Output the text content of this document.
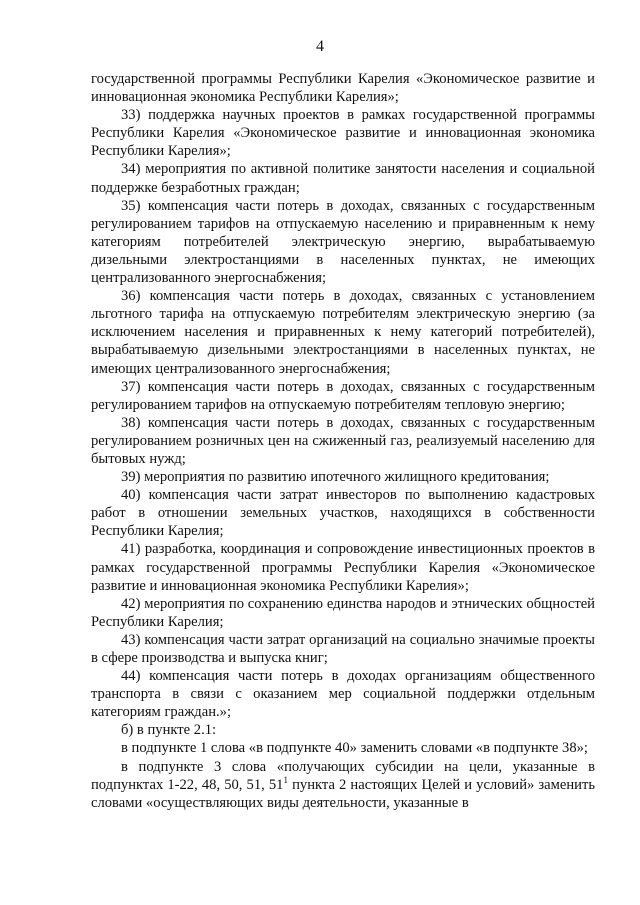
4

государственной программы Республики Карелия «Экономическое развитие и инновационная экономика Республики Карелия»;

33) поддержка научных проектов в рамках государственной программы Республики Карелия «Экономическое развитие и инновационная экономика Республики Карелия»;

34) мероприятия по активной политике занятости населения и социальной поддержке безработных граждан;

35) компенсация части потерь в доходах, связанных с государственным регулированием тарифов на отпускаемую населению и приравненным к нему категориям потребителей электрическую энергию, вырабатываемую дизельными электростанциями в населенных пунктах, не имеющих централизованного энергоснабжения;

36) компенсация части потерь в доходах, связанных с установлением льготного тарифа на отпускаемую потребителям электрическую энергию (за исключением населения и приравненных к нему категорий потребителей), вырабатываемую дизельными электростанциями в населенных пунктах, не имеющих централизованного энергоснабжения;

37) компенсация части потерь в доходах, связанных с государственным регулированием тарифов на отпускаемую потребителям тепловую энергию;

38) компенсация части потерь в доходах, связанных с государственным регулированием розничных цен на сжиженный газ, реализуемый населению для бытовых нужд;

39) мероприятия по развитию ипотечного жилищного кредитования;

40) компенсация части затрат инвесторов по выполнению кадастровых работ в отношении земельных участков, находящихся в собственности Республики Карелия;

41) разработка, координация и сопровождение инвестиционных проектов в рамках государственной программы Республики Карелия «Экономическое развитие и инновационная экономика Республики Карелия»;

42) мероприятия по сохранению единства народов и этнических общностей Республики Карелия;

43) компенсация части затрат организаций на социально значимые проекты в сфере производства и выпуска книг;

44) компенсация части потерь в доходах организациям общественного транспорта в связи с оказанием мер социальной поддержки отдельным категориям граждан.»;

б) в пункте 2.1:

в подпункте 1 слова «в подпункте 40» заменить словами «в подпункте 38»;

в подпункте 3 слова «получающих субсидии на цели, указанные в подпунктах 1-22, 48, 50, 51, $51^1$ пункта 2 настоящих Целей и условий» заменить словами «осуществляющих виды деятельности, указанные в
